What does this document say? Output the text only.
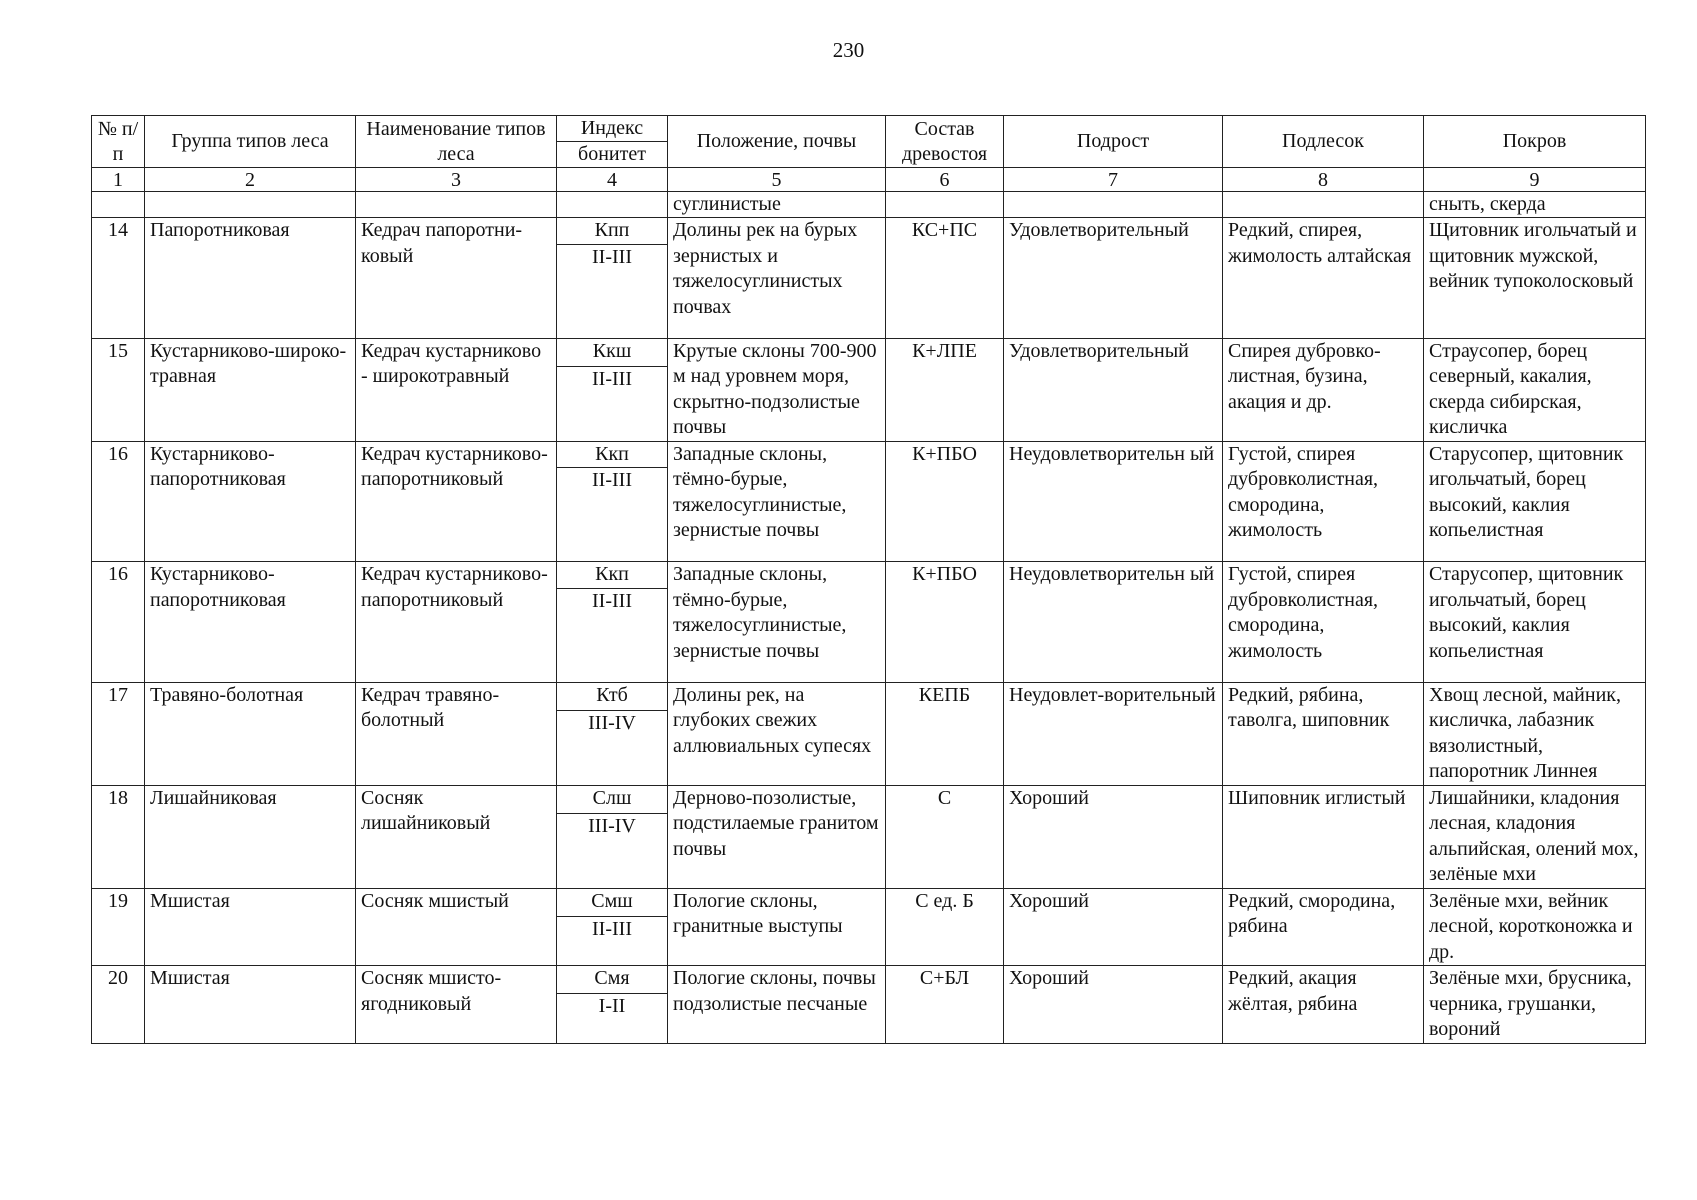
230
№ п/п	Группа типов леса	Наименование типов леса	Индекс	Положение, почвы	Состав древостоя	Подрост	Подлесок	Покров
			бонитет					
1	2	3	4	5	6	7	8	9
				суглинистые				сныть, скерда
14	Папоротниковая	Кедрач папоротни-ковый	Кпп	Долины рек на бурых зернистых и тяжелосуглинистых почвах	КС+ПС	Удовлетворительный	Редкий, спирея, жимолость алтайская	Щитовник игольчатый и щитовник мужской, вейник тупоколосковый
			II-III					
15	Кустарниково-широко-травная	Кедрач кустарниково - широкотравный	Ккш	Крутые склоны 700-900 м над уровнем моря, скрытно-подзолистые почвы	К+ЛПЕ	Удовлетворительный	Спирея дубровко-листная, бузина, акация и др.	Страусопер, борец северный, какалия, скерда сибирская, кисличка
			II-III					
16	Кустарниково-папоротниковая	Кедрач кустарниково-папоротниковый	Ккп	Западные склоны, тёмно-бурые, тяжелосуглинистые, зернистые почвы	К+ПБО	Неудовлетворительн ый	Густой, спирея дубровколистная, смородина, жимолость	Старусопер, щитовник игольчатый, борец высокий, каклия копьелистная
			II-III					
16	Кустарниково-папоротниковая	Кедрач кустарниково-папоротниковый	Ккп	Западные склоны, тёмно-бурые, тяжелосуглинистые, зернистые почвы	К+ПБО	Неудовлетворительн ый	Густой, спирея дубровколистная, смородина, жимолость	Старусопер, щитовник игольчатый, борец высокий, каклия копьелистная
			II-III					
17	Травяно-болотная	Кедрач травяно-болотный	Ктб	Долины рек, на глубоких свежих аллювиальных супесях	КЕПБ	Неудовлет-ворительный	Редкий, рябина, таволга, шиповник	Хвощ лесной, майник, кисличка, лабазник вязолистный, папоротник Линнея
			III-IV					
18	Лишайниковая	Сосняк лишайниковый	Слш	Дерново-позолистые, подстилаемые гранитом почвы	С	Хороший	Шиповник иглистый	Лишайники, кладония лесная, кладония альпийская, олений мох, зелёные мхи
			III-IV					
19	Мшистая	Сосняк мшистый	Смш	Пологие склоны, гранитные выступы	С ед. Б	Хороший	Редкий, смородина, рябина	Зелёные мхи, вейник лесной, коротконожка и др.
			II-III					
20	Мшистая	Сосняк мшисто-ягодниковый	Смя	Пологие склоны, почвы подзолистые песчаные	С+БЛ	Хороший	Редкий, акация жёлтая, рябина	Зелёные мхи, брусника, черника, грушанки, вороний
			I-II					
